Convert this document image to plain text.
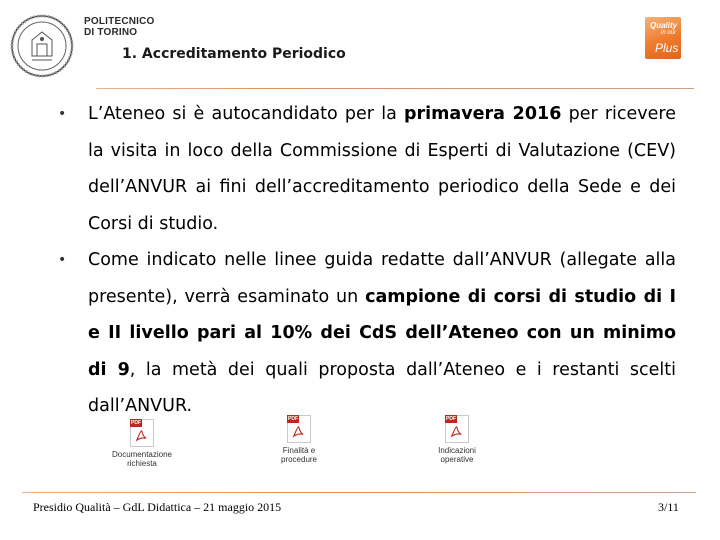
POLITECNICO
DI TORINO
1. Accreditamento Periodico
Quality
in our
Plus
• L’Ateneo si è autocandidato per la primavera 2016 per ricevere la visita in loco della Commissione di Esperti di Valutazione (CEV) dell’ANVUR ai fini dell’accreditamento periodico della Sede e dei Corsi di studio.
• Come indicato nelle linee guida redatte dall’ANVUR (allegate alla presente), verrà esaminato un campione di corsi di studio di I e II livello pari al 10% dei CdS dell’Ateneo con un minimo di 9, la metà dei quali proposta dall’Ateneo e i restanti scelti dall’ANVUR.
PDF
Documentazione
richiesta
PDF
Finalità e
procedure
PDF
Indicazioni
operative
Presidio Qualità – GdL Didattica – 21 maggio 2015	3/11
